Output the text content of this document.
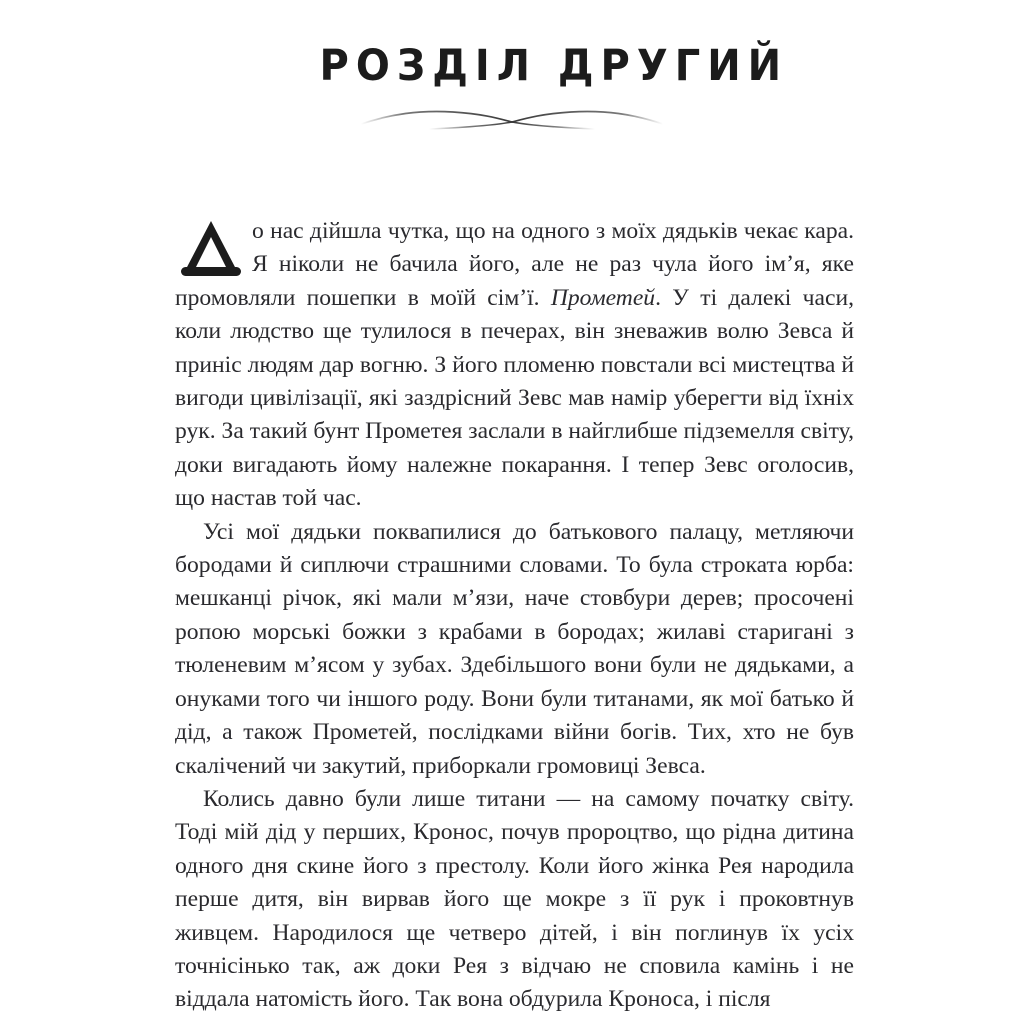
РОЗДІЛ ДРУГИЙ

о нас дійшла чутка, що на одного з моїх дядьків чекає кара. Я ніколи не бачила його, але не раз чула його ім’я, яке промовляли пошепки в моїй сім’ї. Прометей. У ті далекі часи, коли людство ще тулилося в печерах, він зневажив волю Зевса й приніс людям дар вогню. З його пломеню повстали всі мистецтва й вигоди цивілізації, які заздрісний Зевс мав намір уберегти від їхніх рук. За такий бунт Прометея заслали в найглибше підземелля світу, доки вигадають йому належне покарання. І тепер Зевс оголосив, що настав той час.

Усі мої дядьки поквапилися до батькового палацу, метляючи бородами й сиплючи страшними словами. То була строката юрба: мешканці річок, які мали м’язи, наче стовбури дерев; просочені ропою морські божки з крабами в бородах; жилаві старигані з тюленевим м’ясом у зубах. Здебільшого вони були не дядьками, а онуками того чи іншого роду. Вони були титанами, як мої батько й дід, а також Прометей, послідками війни богів. Тих, хто не був скалічений чи закутий, приборкали громовиці Зевса.

Колись давно були лише титани — на самому початку світу. Тоді мій дід у перших, Кронос, почув пророцтво, що рідна дитина одного дня скине його з престолу. Коли його жінка Рея народила перше дитя, він вирвав його ще мокре з її рук і проковтнув живцем. Народилося ще четверо дітей, і він поглинув їх усіх точнісінько так, аж доки Рея з відчаю не сповила камінь і не віддала натомість його. Так вона обдурила Кроноса, і після
